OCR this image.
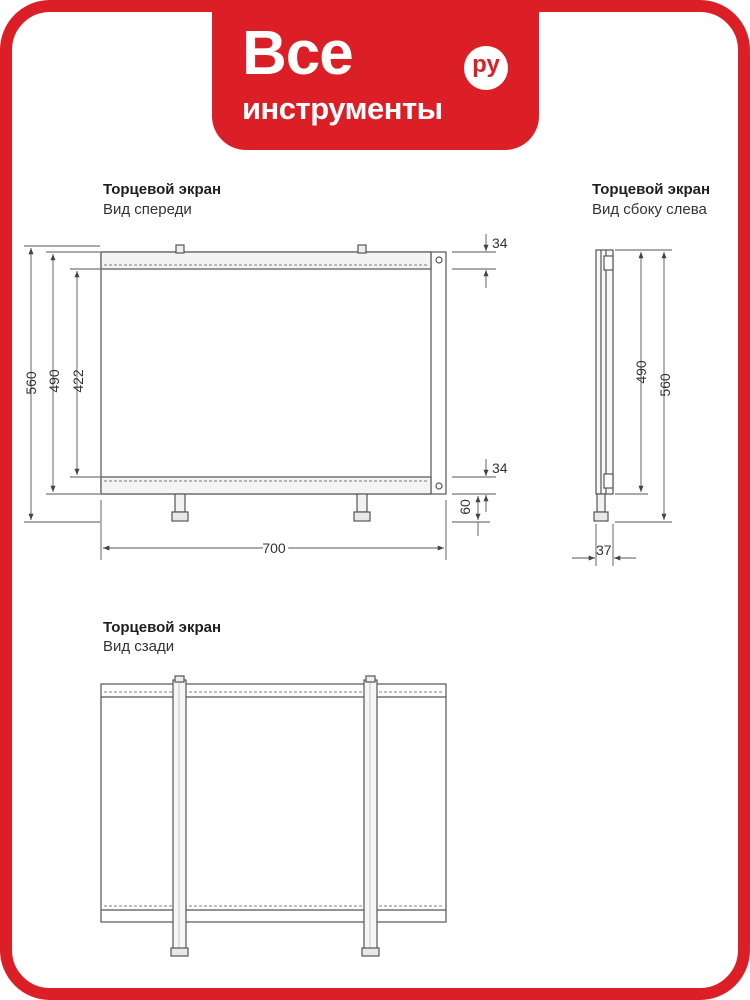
Все	ру
инструменты
Торцевой экран
Вид спереди
Торцевой экран
Вид сбоку слева
Торцевой экран
Вид сзади
560 490 422
700
34
34
60
490
560
37
